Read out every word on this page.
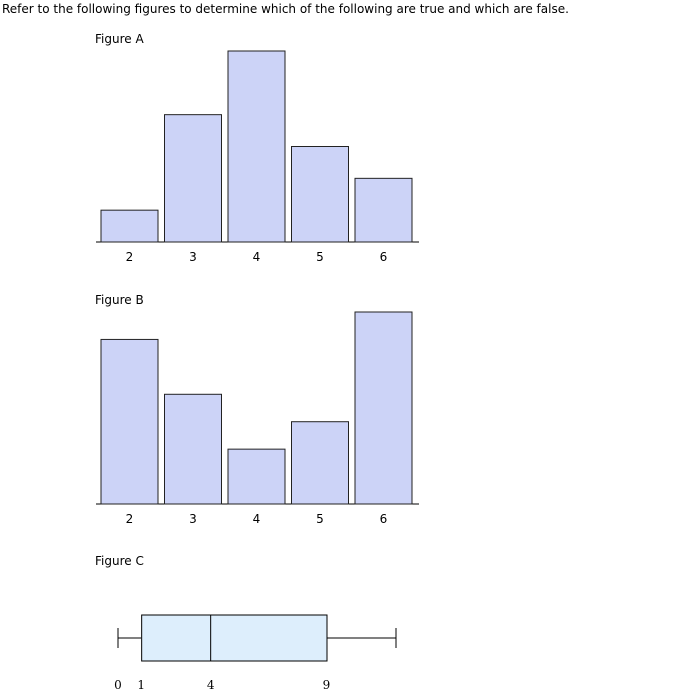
Refer to the following figures to determine which of the following are true and which are false.
Figure A
Figure B
Figure C
2	3	4	5	6
2	3	4	5	6
0 1	4	9
